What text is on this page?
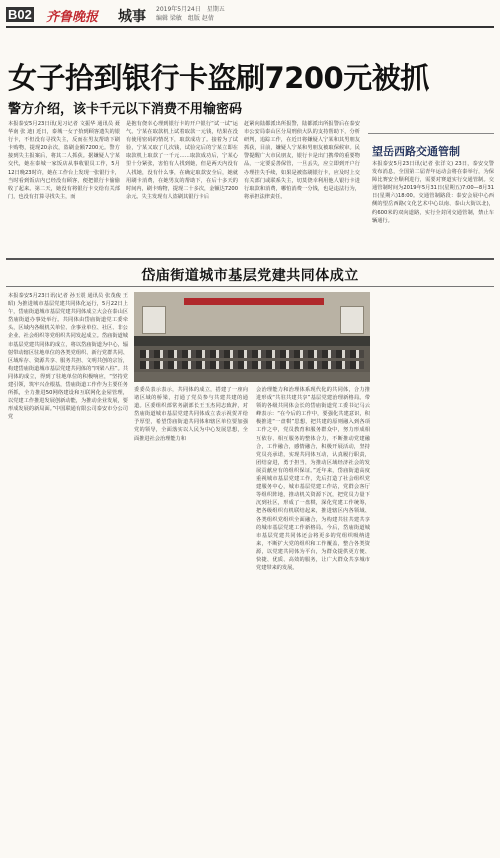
B02 齐鲁晚报 城事 2019年5月24日　星期五
编辑 梁敏　组版 赵倩
女子拾到银行卡盗刷7200元被抓
警方介绍，该卡千元以下消费不用输密码
本报泰安5月23日讯(见习记者 文振华 通讯员 聂华南 张 迪) 近日，泰城一女子拾到顾客遗失的银行卡，不但没有寻找失主，反而在男友帮助下刷卡购物，提现20余次，盗刷金额7200元。警方接到失主报案后，将其二人抓获。据嫌疑人宁某交代，她在泰城一家饭店从事收银员工作，5月12日晚23时许，她在工作台上发现一张银行卡，当时看到饭店内已经没有顾客，便把银行卡偷偷收了起来。第二天，她没有将银行卡交给有关部门，也没有打算寻找失主，而
是抱有侥幸心理到银行卡的开户银行“试一试”运气。宁某在取款机上试着取款一元钱，结果在没有使用密码的情况下，取款成功了。接着为了试验，宁某又取了几次钱，试验完后的宁某立即在取款机上取款了一千元……取款成功后，宁某心里十分紧张，害怕有人找到她，但是两天内没有人找她，没有什么事，在确定取款安全后，她就用刷卡消费，在她男友的帮助下，在后十多天的时间内，刷卡购物，提现二十多次，金额达7200余元。失主发现有人盗刷其银行卡后
赶紧向陆都派出所报警，陆都派出所报警后在泰安市公安局泰山区分局刑侦大队的支持帮助下，分析研判，追踪工作，在近日将嫌疑人宁某和其男朋友抓获，目前，嫌疑人宁某和男朋友被取保候审。民警提醒广大市民朋友，银行卡是出门携带的重要物品，一定要妥善保管，一旦丢失，应立即到开户行办理挂失手续，如果是被盗刷银行卡，应及时上交有关部门或联系失主，切莫侥幸利用他人银行卡进行取款和消费，哪怕消费一分钱，也是违法行为，将承担法律责任。
望岳西路交通管制
本报泰安5月23日讯(记者 张洋文) 23日，泰安交警发布消息，全国第二届青年运动会将在泰举行，为保障比赛安全顺利进行，需要对赛道实行交通管制。交通管制时间为2019年5月31日(星期五)7:00—8月31日(星期六)18:00。交通管制路段：泰安会展中心西侧的望岳西路(文化艺术中心以南、泰山大街以北)，约600米的双向道路，实行全封闭交通管制，禁止车辆通行。
岱庙街道城市基层党建共同体成立
本报泰安5月23日讯(记者 孙玉震 通讯员 张茂俊 王昭) 为推进城市基层党建共同体化运行，5月22日上午，岱庙街道城市基层党建共同体成立大会在泰山区岱庙街道办事处举行。共同体由岱庙街道党工委牵头，区域内各级机关单位、企事业单位、社区、非公企业、社会组织等党组织共同发起成立。岱庙街道城市基层党建共同体的成立，将以岱庙街道为中心，辐射带动辖区驻地单位的各类党组织、新行党群共同、区域库存、资源共享、服务共担、文明共创的宗旨，构建岱庙街道城市基层党建共同体的“四梁八柱”。共同体的成立，得到了驻地单位的积极响应，“坚持党建引领，筑牢兴企根基，岱庙街道工作作为主要任务所抓，全力推进50网络建设和互联网化金屋管理，以党建工作推进发展创新动能，为推动企业发展，要形成发展的新局面。”中国联通有限公司泰安市分公司党
委委员表示表示，共同体的成立，搭建了一座向诸区域的桥梁，打通了党员参与共建共建的通道。区委组织部常务副部长王玉杰同志致辞，对岱庙街道城市基层党建共同体成立表示祝贺并给予厚望，希望岱庙街道共同体和辖区单位要加强党的领导，全面落实以人民为中心发展思想，全面推进社会治理能力和
会治理能力和治理体系现代化的共同体，合力推进形成“共驻共建共享”基层党建治理新格局。带领的各级共同体会长的岱庙街道党工委书记马云峰表示：“在今后的工作中，要强化共建意识，积极推进“一盘棋”思想，把共建的原则融入到各项工作之中，党员教育和服务群众中，努力形成相互依存、相互服务的整体合力，不断推动党建融合，工作融合，感情融合，积极开展活动，坚持党员亮承诺，实现共同体互动，认真履行职责，团结奋进，勇于担当，为推动区域经济社会的发展贡献应有的组织保证。”近年来，岱庙街道高度重视城市基层党建工作，先后打造了社会组织党建服务中心，城市基层党建工作站，党群会客厅等组织阵地，推动机关资源下沉，把党员力量下沉到社区，形成了一盘棋，深化党建工作统筹，把各级组织有机联结起来，推进辖区内各领域、各类组织党组织全面融合，为构建共驻共建共享的城市基层党建工作新格局。今后，岱庙街道城市基层党建共同体还会将更多的党组织吸纳进来，不断扩大党的组织和工作覆盖，整合各类资源，以党建共同体为平台，为群众提供更方便、快捷、优质、高效的服务，让广大群众共享城市党建带来的发展。
